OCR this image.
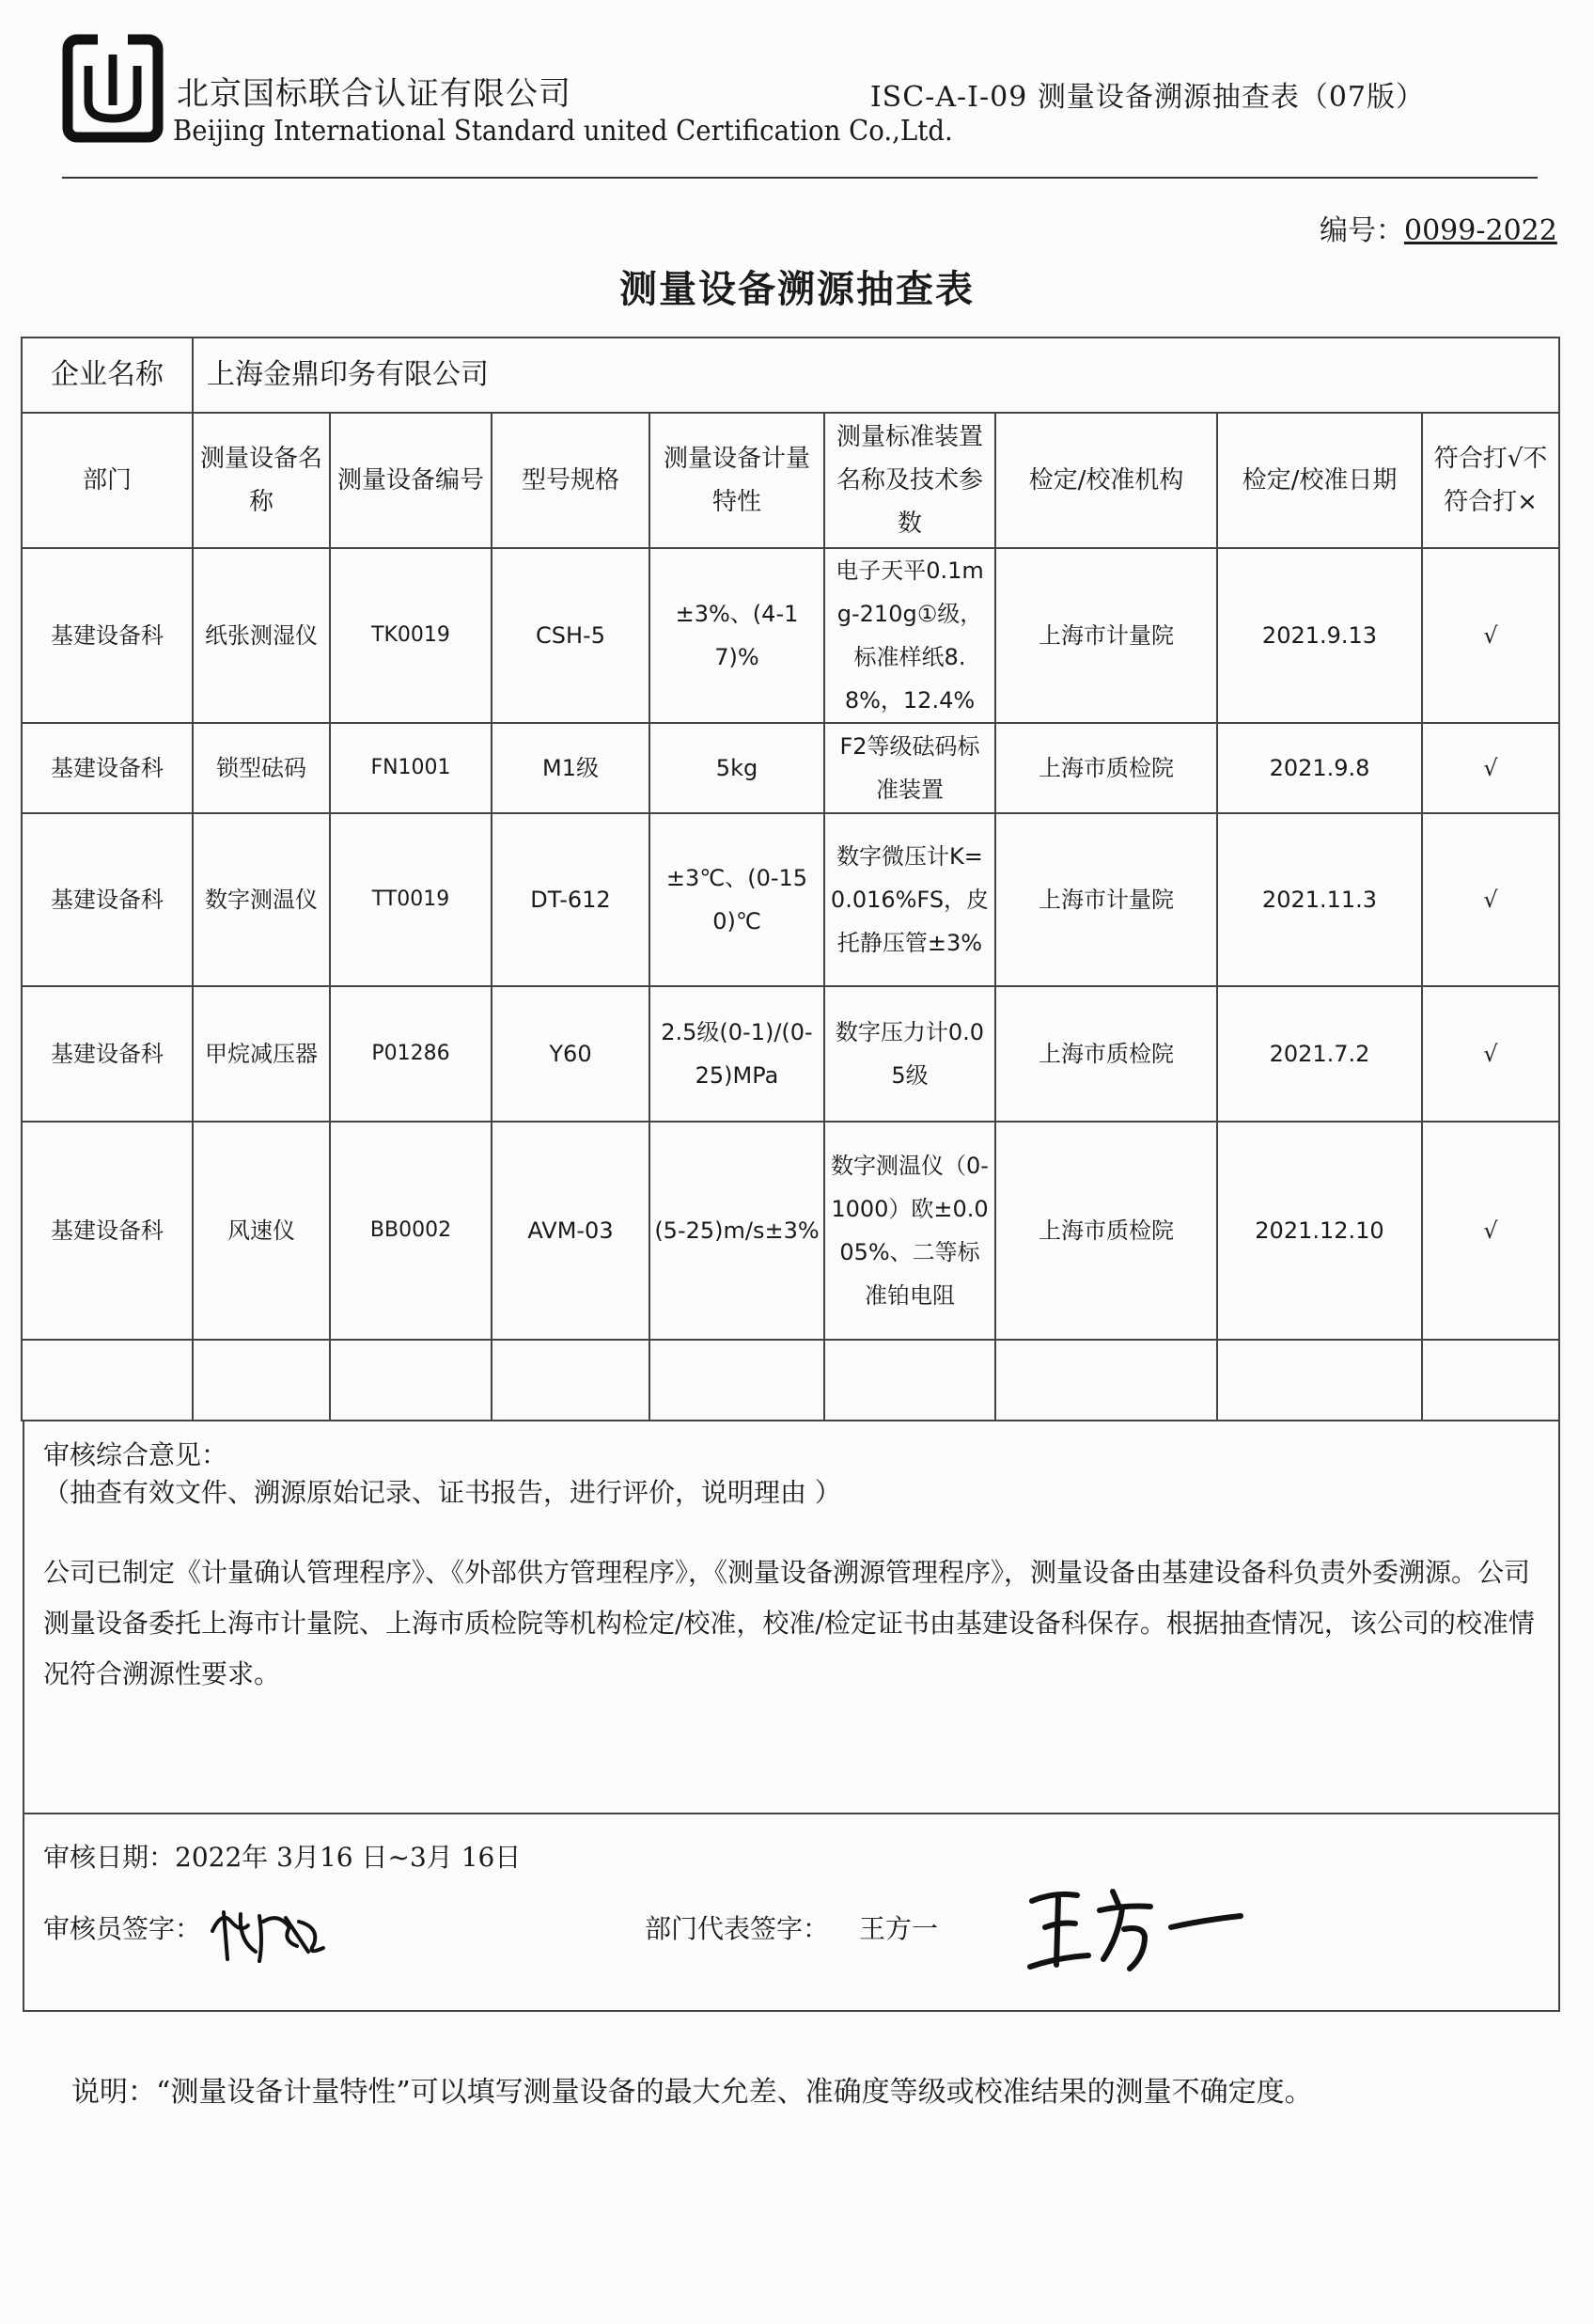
北京国标联合认证有限公司
Beijing International Standard united Certification Co.,Ltd.
ISC-A-I-09 测量设备溯源抽查表（07版）
编号：0099-2022
测量设备溯源抽查表
企业名称	上海金鼎印务有限公司							
部门	测量设备名称	测量设备编号	型号规格	测量设备计量特性	测量标准装置名称及技术参数	检定/校准机构	检定/校准日期	符合打√不符合打×
基建设备科	纸张测湿仪	TK0019	CSH-5	±3%、(4-17)%	电子天平0.1mg-210g①级，标准样纸8.8%，12.4%	上海市计量院	2021.9.13	√
基建设备科	锁型砝码	FN1001	M1级	5kg	F2等级砝码标准装置	上海市质检院	2021.9.8	√
基建设备科	数字测温仪	TT0019	DT-612	±3℃、(0-150)℃	数字微压计K=0.016%FS，皮托静压管±3%	上海市计量院	2021.11.3	√
基建设备科	甲烷减压器	P01286	Y60	2.5级(0-1)/(0-25)MPa	数字压力计0.05级	上海市质检院	2021.7.2	√
基建设备科	风速仪	BB0002	AVM-03	(5-25)m/s±3%	数字测温仪（0-1000）欧±0.005%、二等标准铂电阻	上海市质检院	2021.12.10	√

审核综合意见：
（抽查有效文件、溯源原始记录、证书报告，进行评价，说明理由 ）
公司已制定《计量确认管理程序》、《外部供方管理程序》，《测量设备溯源管理程序》，测量设备由基建设备科负责外委溯源。公司测量设备委托上海市计量院、上海市质检院等机构检定/校准，校准/检定证书由基建设备科保存。根据抽查情况，该公司的校准情况符合溯源性要求。
审核日期：2022年 3月16 日~3月 16日
审核员签字：	部门代表签字： 王方一
说明：“测量设备计量特性”可以填写测量设备的最大允差、准确度等级或校准结果的测量不确定度。
